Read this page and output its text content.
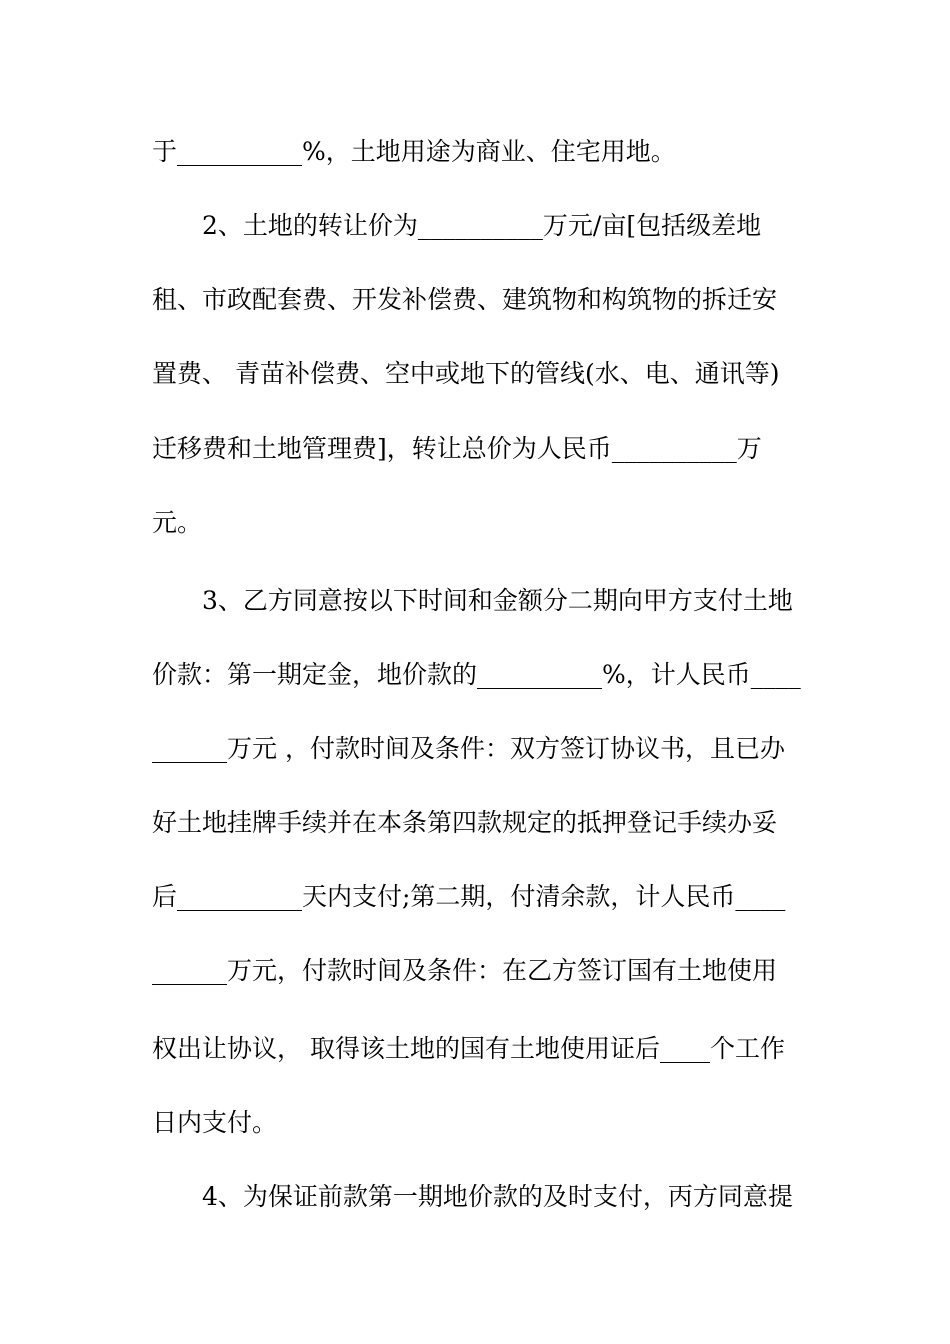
于__________%，土地用途为商业、住宅用地。
2、土地的转让价为__________万元/亩[包括级差地
租、市政配套费、开发补偿费、建筑物和构筑物的拆迁安
置费、 青苗补偿费、空中或地下的管线(水、电、通讯等)
迁移费和土地管理费]，转让总价为人民币__________万
元。
3、乙方同意按以下时间和金额分二期向甲方支付土地
价款：第一期定金，地价款的__________%，计人民币____
______万元 ，付款时间及条件：双方签订协议书，且已办
好土地挂牌手续并在本条第四款规定的抵押登记手续办妥
后__________天内支付;第二期，付清余款，计人民币____
______万元，付款时间及条件：在乙方签订国有土地使用
权出让协议， 取得该土地的国有土地使用证后____个工作
日内支付。
4、为保证前款第一期地价款的及时支付，丙方同意提
